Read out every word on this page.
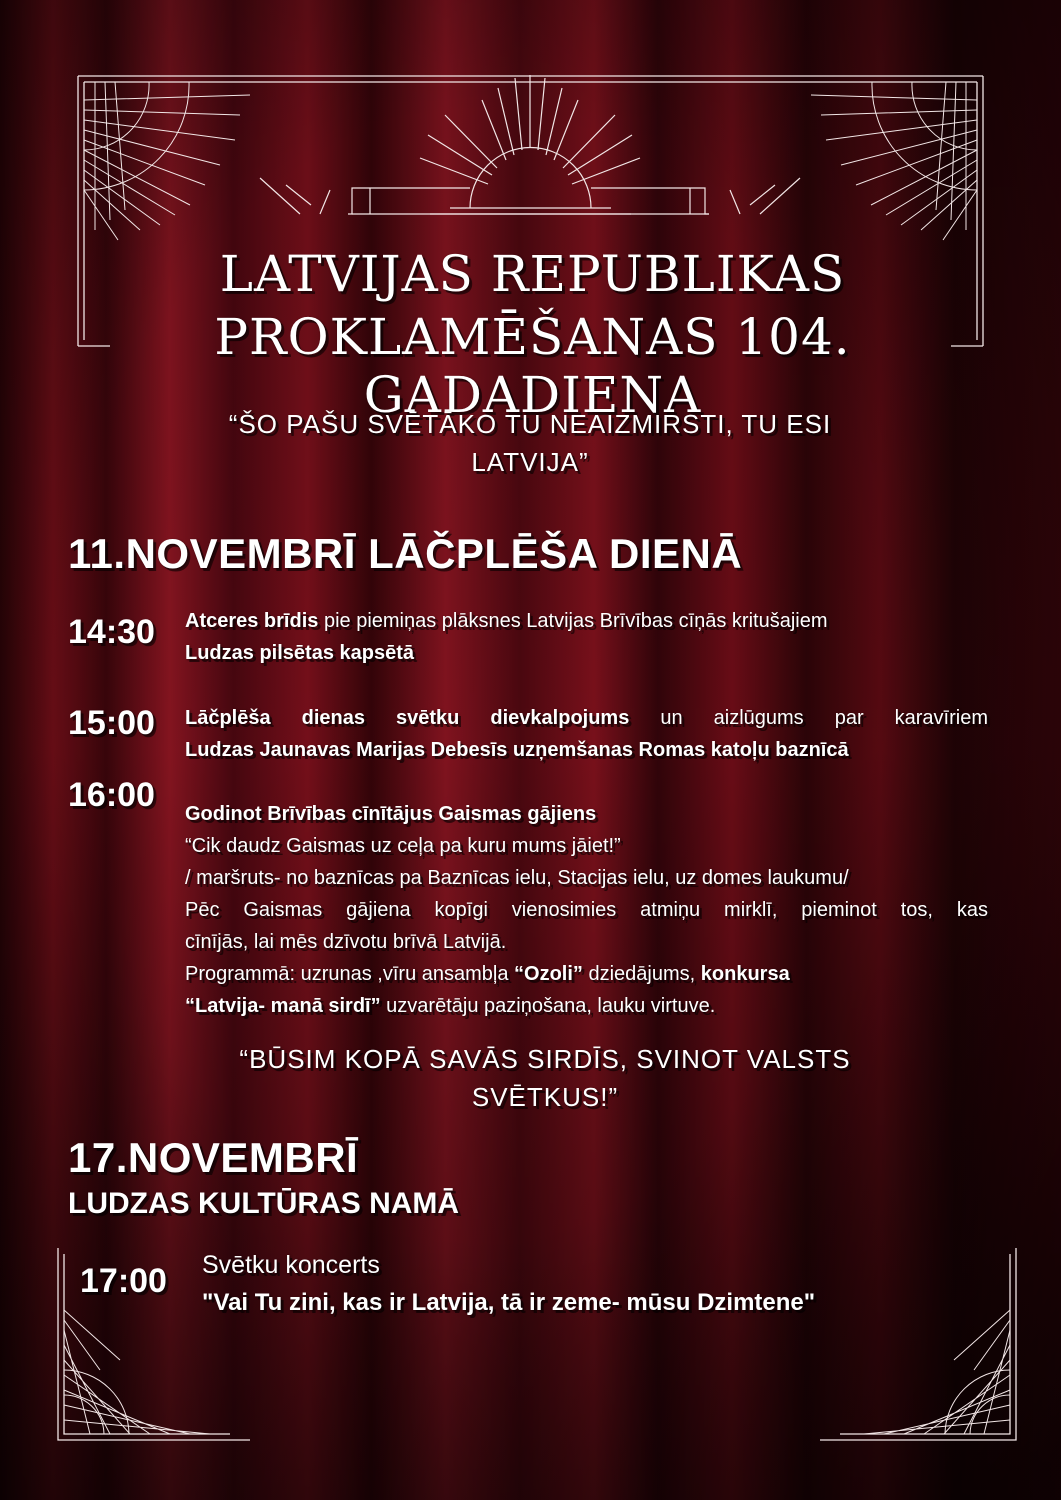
LATVIJAS REPUBLIKAS
PROKLAMĒŠANAS 104. GADADIENA
“ŠO PAŠU SVĒTĀKO TU NEAIZMIRSTI, TU ESI
LATVIJA”
11.NOVEMBRĪ LĀČPLĒŠA DIENĀ
14:30 Atceres brīdis pie piemiņas plāksnes Latvijas Brīvības cīņās kritušajiem
Ludzas pilsētas kapsētā
15:00 Lāčplēša dienas svētku dievkalpojums un aizlūgums par karavīriem
Ludzas Jaunavas Marijas Debesīs uzņemšanas Romas katoļu baznīcā
16:00 Godinot Brīvības cīnītājus Gaismas gājiens
“Cik daudz Gaismas uz ceļa pa kuru mums jāiet!”
/ maršruts- no baznīcas pa Baznīcas ielu, Stacijas ielu, uz domes laukumu/
Pēc Gaismas gājiena kopīgi vienosimies atmiņu mirklī, pieminot tos, kas
cīnījās, lai mēs dzīvotu brīvā Latvijā.
Programmā: uzrunas ,vīru ansambļa “Ozoli” dziedājums, konkursa
“Latvija- manā sirdī” uzvarētāju paziņošana, lauku virtuve.
“BŪSIM KOPĀ SAVĀS SIRDĪS, SVINOT VALSTS
SVĒTKUS!”
17.NOVEMBRĪ
LUDZAS KULTŪRAS NAMĀ
17:00 Svētku koncerts
"Vai Tu zini, kas ir Latvija, tā ir zeme- mūsu Dzimtene"
